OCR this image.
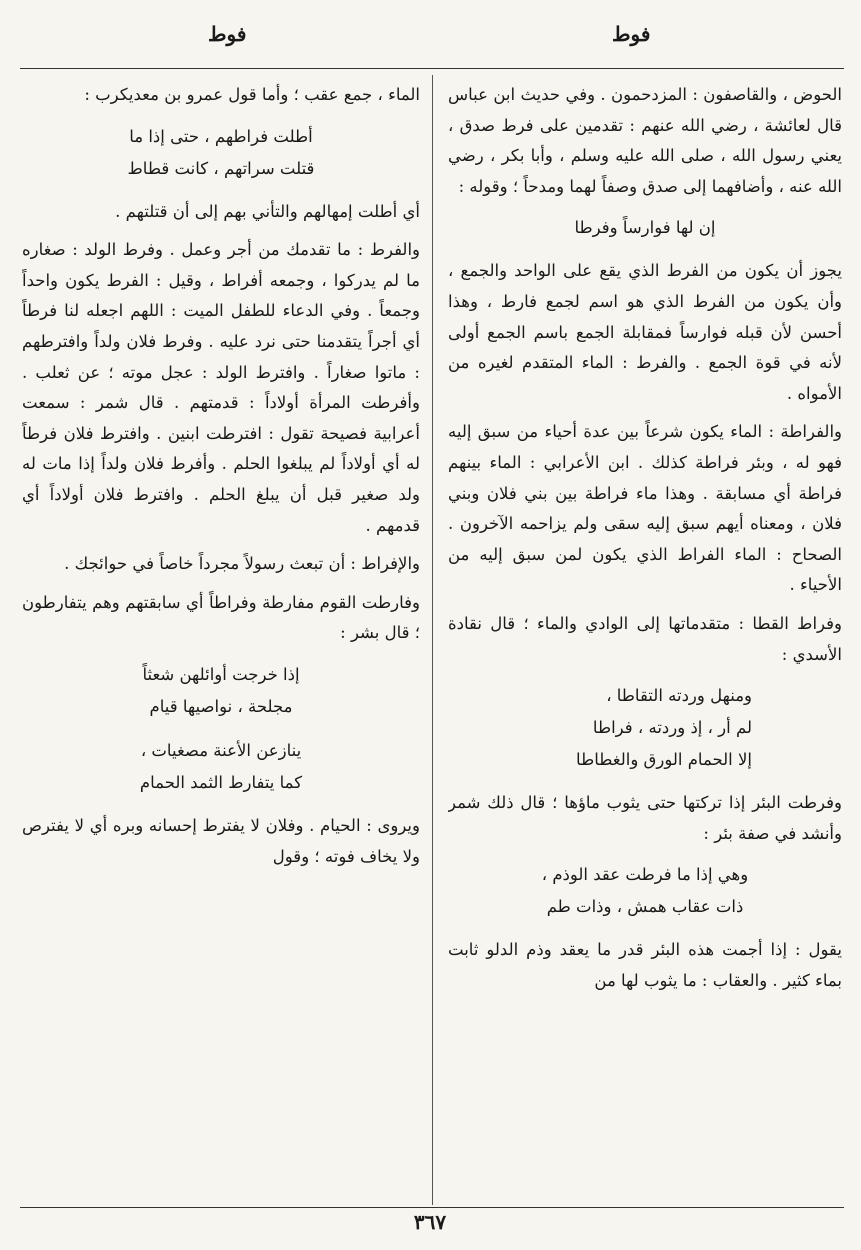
فوط
فوط

الحوض ، والقاصفون : المزدحمون . وفي حديث ابن عباس قال لعائشة ، رضي الله عنهم : تقدمين على فرط صدق ، يعني رسول الله ، صلى الله عليه وسلم ، وأبا بكر ، رضي الله عنه ، وأضافهما إلى صدق وصفاً لهما ومدحاً ؛ وقوله :

إن لها فوارساً وفرطا

يجوز أن يكون من الفرط الذي يقع على الواحد والجمع ، وأن يكون من الفرط الذي هو اسم لجمع فارط ، وهذا أحسن لأن قبله فوارساً فمقابلة الجمع باسم الجمع أولى لأنه في قوة الجمع . والفرط : الماء المتقدم لغيره من الأمواه .

والفراطة : الماء يكون شرعاً بين عدة أحياء من سبق إليه فهو له ، وبئر فراطة كذلك . ابن الأعرابي : الماء بينهم فراطة أي مسابقة . وهذا ماء فراطة بين بني فلان وبني فلان ، ومعناه أيهم سبق إليه سقى ولم يزاحمه الآخرون . الصحاح : الماء الفراط الذي يكون لمن سبق إليه من الأحياء .

وفراط القطا : متقدماتها إلى الوادي والماء ؛ قال نقادة الأسدي :

ومنهل وردته التقاطا ،
لم أر ، إذ وردته ، فراطا
إلا الحمام الورق والغطاطا

وفرطت البئر إذا تركتها حتى يثوب ماؤها ؛ قال ذلك شمر وأنشد في صفة بئر :

وهي إذا ما فرطت عقد الوذم ،
ذات عقاب همش ، وذات طم

يقول : إذا أجمت هذه البئر قدر ما يعقد وذم الدلو ثابت بماء كثير . والعقاب : ما يثوب لها من

الماء ، جمع عقب ؛ وأما قول عمرو بن معديكرب :

أطلت فراطهم ، حتى إذا ما
قتلت سراتهم ، كانت قطاط

أي أطلت إمهالهم والتأني بهم إلى أن قتلتهم .

والفرط : ما تقدمك من أجر وعمل . وفرط الولد : صغاره ما لم يدركوا ، وجمعه أفراط ، وقيل : الفرط يكون واحداً وجمعاً . وفي الدعاء للطفل الميت : اللهم اجعله لنا فرطاً أي أجراً يتقدمنا حتى نرد عليه . وفرط فلان ولداً وافترطهم : ماتوا صغاراً . وافترط الولد : عجل موته ؛ عن ثعلب . وأفرطت المرأة أولاداً : قدمتهم . قال شمر : سمعت أعرابية فصيحة تقول : افترطت ابنين . وافترط فلان فرطاً له أي أولاداً لم يبلغوا الحلم . وأفرط فلان ولداً إذا مات له ولد صغير قبل أن يبلغ الحلم . وافترط فلان أولاداً أي قدمهم .

والإفراط : أن تبعث رسولاً مجرداً خاصاً في حوائجك .

وفارطت القوم مفارطة وفراطاً أي سابقتهم وهم يتفارطون ؛ قال بشر :

إذا خرجت أوائلهن شعثاً
مجلحة ، نواصيها قيام
ينازعن الأعنة مصغيات ،
كما يتفارط الثمد الحمام

ويروى : الحيام . وفلان لا يفترط إحسانه وبره أي لا يفترص ولا يخاف فوته ؛ وقول

٣٦٧
